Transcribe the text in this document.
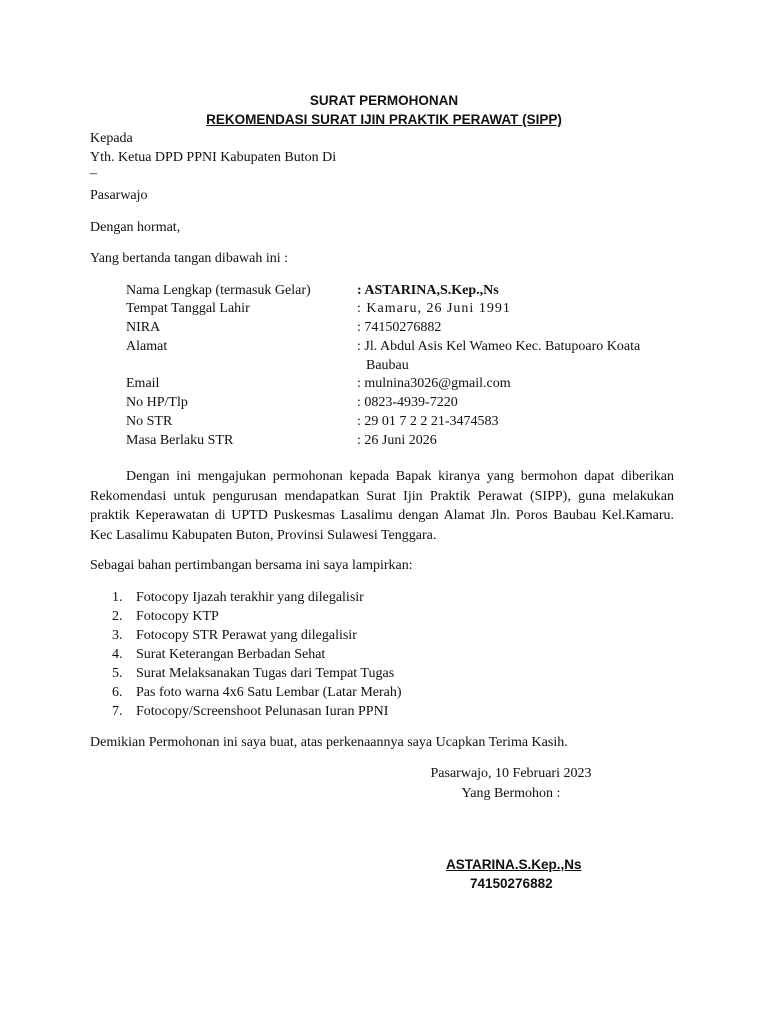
SURAT PERMOHONAN
REKOMENDASI SURAT IJIN PRAKTIK PERAWAT (SIPP)
Kepada
Yth. Ketua DPD PPNI Kabupaten Buton Di
–
Pasarwajo
Dengan hormat,
Yang bertanda tangan dibawah ini :
Nama Lengkap (termasuk Gelar)	: ASTARINA,S.Kep.,Ns
Tempat Tanggal Lahir	: Kamaru, 26 Juni 1991
NIRA	: 74150276882
Alamat	: Jl. Abdul Asis Kel Wameo Kec. Batupoaro Koata
Baubau
Email	: mulnina3026@gmail.com
No HP/Tlp	: 0823-4939-7220
No STR	: 29 01 7 2 2 21-3474583
Masa Berlaku STR	: 26 Juni 2026
Dengan ini mengajukan permohonan kepada Bapak kiranya yang bermohon dapat diberikan Rekomendasi untuk pengurusan mendapatkan Surat Ijin Praktik Perawat (SIPP), guna melakukan praktik Keperawatan di UPTD Puskesmas Lasalimu dengan Alamat Jln. Poros Baubau Kel.Kamaru. Kec Lasalimu Kabupaten Buton, Provinsi Sulawesi Tenggara.
Sebagai bahan pertimbangan bersama ini saya lampirkan:
1. Fotocopy Ijazah terakhir yang dilegalisir
2. Fotocopy KTP
3. Fotocopy STR Perawat yang dilegalisir
4. Surat Keterangan Berbadan Sehat
5. Surat Melaksanakan Tugas dari Tempat Tugas
6. Pas foto warna 4x6 Satu Lembar (Latar Merah)
7. Fotocopy/Screenshoot Pelunasan Iuran PPNI
Demikian Permohonan ini saya buat, atas perkenaannya saya Ucapkan Terima Kasih.
Pasarwajo, 10 Februari 2023
Yang Bermohon :
ASTARINA.S.Kep.,Ns
74150276882
